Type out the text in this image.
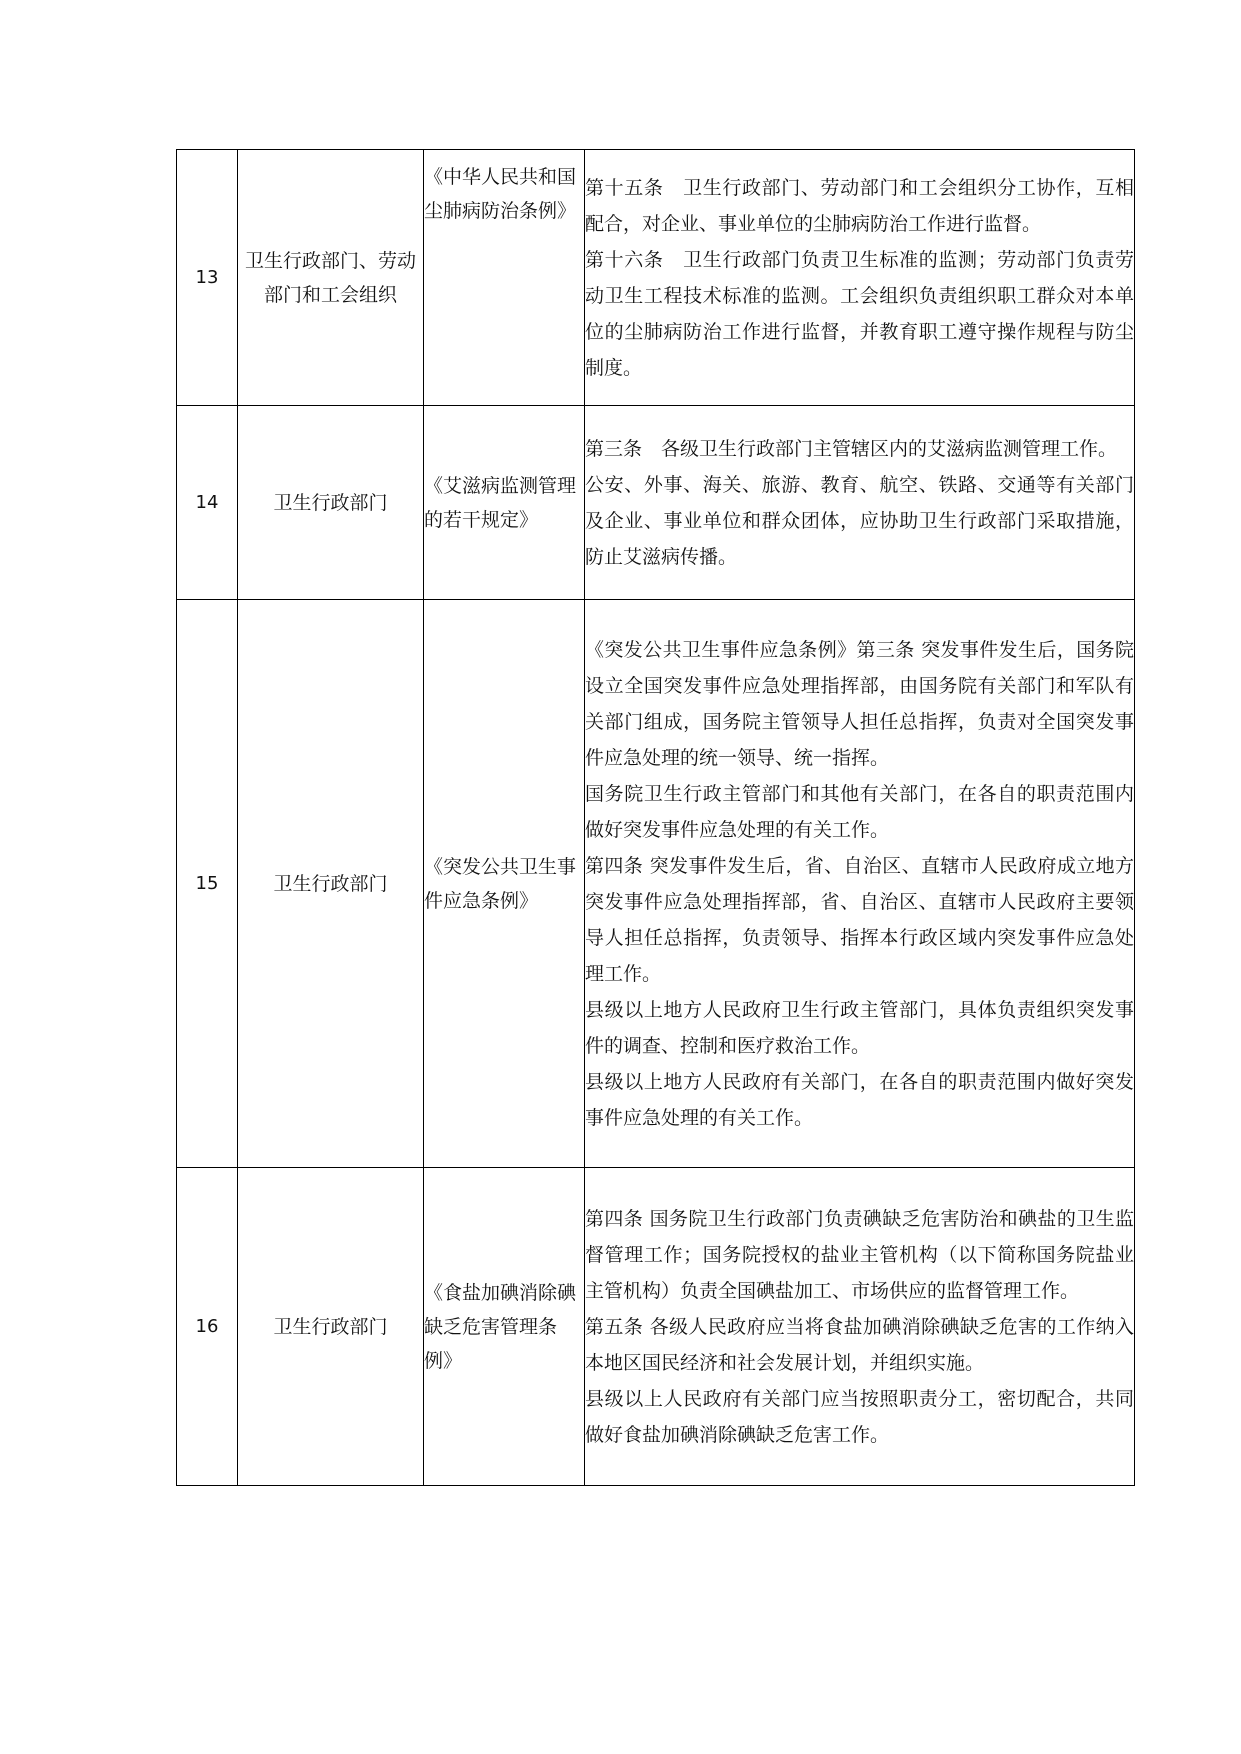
13	卫生行政部门、劳动部门和工会组织	《中华人民共和国尘肺病防治条例》	第十五条　卫生行政部门、劳动部门和工会组织分工协作，互相配合，对企业、事业单位的尘肺病防治工作进行监督。

第十六条　卫生行政部门负责卫生标准的监测；劳动部门负责劳动卫生工程技术标准的监测。工会组织负责组织职工群众对本单位的尘肺病防治工作进行监督，并教育职工遵守操作规程与防尘制度。

14	卫生行政部门	《艾滋病监测管理的若干规定》	第三条　各级卫生行政部门主管辖区内的艾滋病监测管理工作。

公安、外事、海关、旅游、教育、航空、铁路、交通等有关部门及企业、事业单位和群众团体，应协助卫生行政部门采取措施，防止艾滋病传播。

15	卫生行政部门	《突发公共卫生事件应急条例》	《突发公共卫生事件应急条例》第三条 突发事件发生后，国务院设立全国突发事件应急处理指挥部，由国务院有关部门和军队有关部门组成，国务院主管领导人担任总指挥，负责对全国突发事件应急处理的统一领导、统一指挥。

国务院卫生行政主管部门和其他有关部门，在各自的职责范围内做好突发事件应急处理的有关工作。

第四条 突发事件发生后，省、自治区、直辖市人民政府成立地方突发事件应急处理指挥部，省、自治区、直辖市人民政府主要领导人担任总指挥，负责领导、指挥本行政区域内突发事件应急处理工作。

县级以上地方人民政府卫生行政主管部门，具体负责组织突发事件的调查、控制和医疗救治工作。

县级以上地方人民政府有关部门，在各自的职责范围内做好突发事件应急处理的有关工作。

16	卫生行政部门	《食盐加碘消除碘缺乏危害管理条例》	第四条 国务院卫生行政部门负责碘缺乏危害防治和碘盐的卫生监督管理工作；国务院授权的盐业主管机构（以下简称国务院盐业主管机构）负责全国碘盐加工、市场供应的监督管理工作。

第五条 各级人民政府应当将食盐加碘消除碘缺乏危害的工作纳入本地区国民经济和社会发展计划，并组织实施。

县级以上人民政府有关部门应当按照职责分工，密切配合，共同做好食盐加碘消除碘缺乏危害工作。
